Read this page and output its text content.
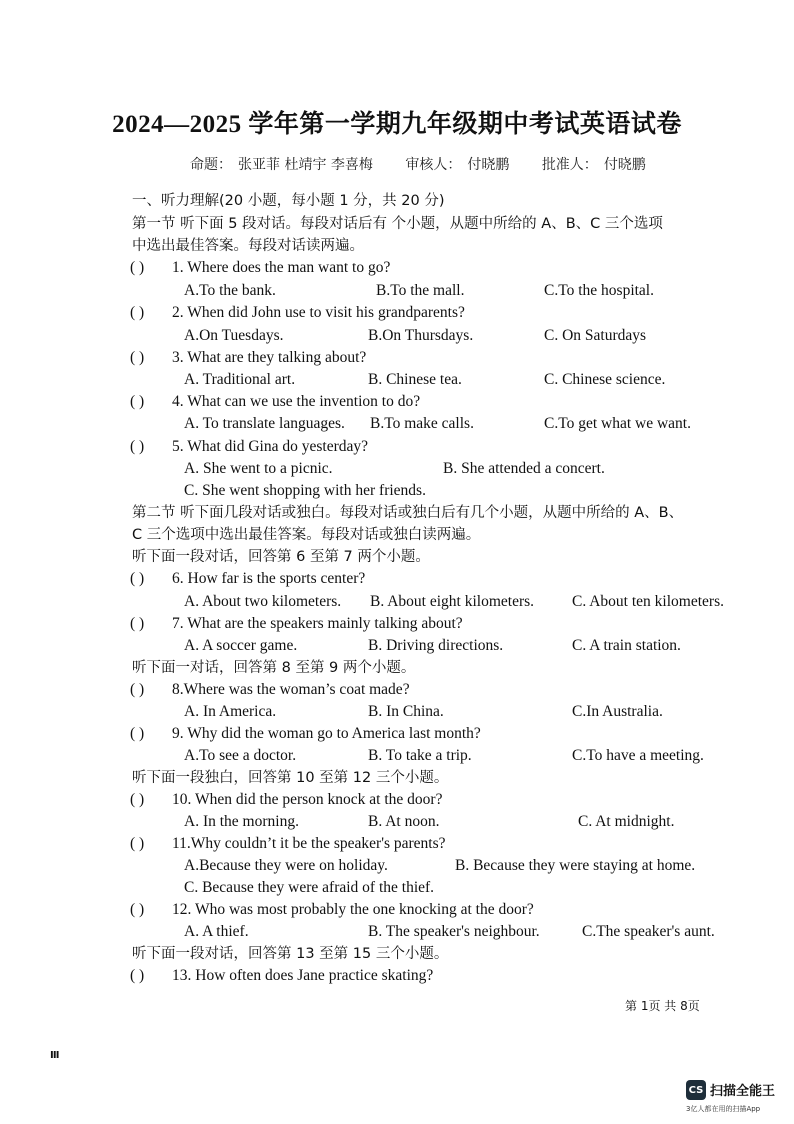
2024—2025 学年第一学期九年级期中考试英语试卷
命题： 张亚菲 杜靖宇 李喜梅 审核人： 付晓鹏 批准人： 付晓鹏
一、听力理解(20 小题，每小题 1 分，共 20 分)
第一节 听下面 5 段对话。每段对话后有 个小题，从题中所给的 A、B、C 三个选项
中选出最佳答案。每段对话读两遍。
( ) 1. Where does the man want to go?
A.To the bank.	B.To the mall.	C.To the hospital.
( ) 2. When did John use to visit his grandparents?
A.On Tuesdays.	B.On Thursdays.	C. On Saturdays
( ) 3. What are they talking about?
A. Traditional art.	B. Chinese tea.	C. Chinese science.
( ) 4. What can we use the invention to do?
A. To translate languages. B.To make calls.	C.To get what we want.
( ) 5. What did Gina do yesterday?
A. She went to a picnic.	B. She attended a concert.
C. She went shopping with her friends.
第二节 听下面几段对话或独白。每段对话或独白后有几个小题，从题中所给的 A、B、
C 三个选项中选出最佳答案。每段对话或独白读两遍。
听下面一段对话，回答第 6 至第 7 两个小题。
( ) 6. How far is the sports center?
A. About two kilometers. B. About eight kilometers. C. About ten kilometers.
( ) 7. What are the speakers mainly talking about?
A. A soccer game.	B. Driving directions.	C. A train station.
听下面一对话，回答第 8 至第 9 两个小题。
( ) 8.Where was the woman’s coat made?
A. In America.	B. In China.	C.In Australia.
( ) 9. Why did the woman go to America last month?
A.To see a doctor.	B. To take a trip.	C.To have a meeting.
听下面一段独白，回答第 10 至第 12 三个小题。
( ) 10. When did the person knock at the door?
A. In the morning.	B. At noon.	C. At midnight.
( ) 11.Why couldn’t it be the speaker's parents?
A.Because they were on holiday.	B. Because they were staying at home.
C. Because they were afraid of the thief.
( ) 12. Who was most probably the one knocking at the door?
A. A thief.	B. The speaker's neighbour.	C.The speaker's aunt.
听下面一段对话，回答第 13 至第 15 三个小题。
( ) 13. How often does Jane practice skating?
第 1页 共 8页
Ⅲ
CS 扫描全能王
3亿人都在用的扫描App
